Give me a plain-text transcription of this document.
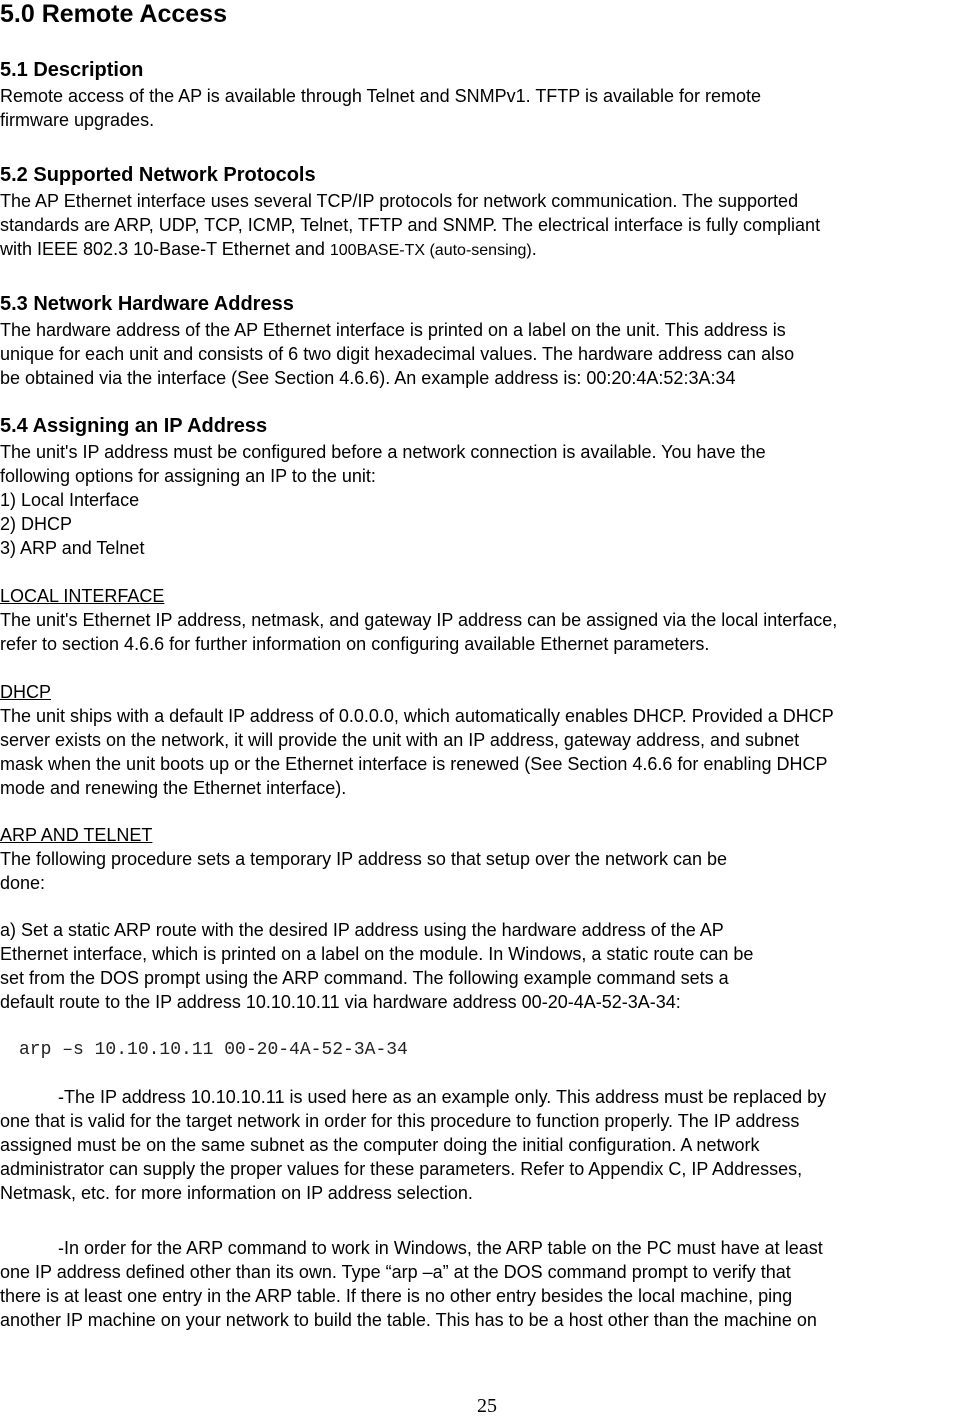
5.0 Remote Access
5.1 Description
Remote access of the AP is available through Telnet and SNMPv1. TFTP is available for remote
firmware upgrades.
5.2 Supported Network Protocols
The AP Ethernet interface uses several TCP/IP protocols for network communication. The supported
standards are ARP, UDP, TCP, ICMP, Telnet, TFTP and SNMP. The electrical interface is fully compliant
with IEEE 802.3 10-Base-T Ethernet and 100BASE-TX (auto-sensing).
5.3 Network Hardware Address
The hardware address of the AP Ethernet interface is printed on a label on the unit. This address is
unique for each unit and consists of 6 two digit hexadecimal values. The hardware address can also
be obtained via the interface (See Section 4.6.6). An example address is: 00:20:4A:52:3A:34
5.4 Assigning an IP Address
The unit's IP address must be configured before a network connection is available. You have the
following options for assigning an IP to the unit:
1) Local Interface
2) DHCP
3) ARP and Telnet
LOCAL INTERFACE
The unit's Ethernet IP address, netmask, and gateway IP address can be assigned via the local interface,
refer to section 4.6.6 for further information on configuring available Ethernet parameters.
DHCP
The unit ships with a default IP address of 0.0.0.0, which automatically enables DHCP. Provided a DHCP
server exists on the network, it will provide the unit with an IP address, gateway address, and subnet
mask when the unit boots up or the Ethernet interface is renewed (See Section 4.6.6 for enabling DHCP
mode and renewing the Ethernet interface).
ARP AND TELNET
The following procedure sets a temporary IP address so that setup over the network can be
done:
a) Set a static ARP route with the desired IP address using the hardware address of the AP
Ethernet interface, which is printed on a label on the module. In Windows, a static route can be
set from the DOS prompt using the ARP command. The following example command sets a
default route to the IP address 10.10.10.11 via hardware address 00-20-4A-52-3A-34:
arp –s 10.10.10.11 00-20-4A-52-3A-34
-The IP address 10.10.10.11 is used here as an example only. This address must be replaced by
one that is valid for the target network in order for this procedure to function properly. The IP address
assigned must be on the same subnet as the computer doing the initial configuration. A network
administrator can supply the proper values for these parameters. Refer to Appendix C, IP Addresses,
Netmask, etc. for more information on IP address selection.
-In order for the ARP command to work in Windows, the ARP table on the PC must have at least
one IP address defined other than its own. Type “arp –a” at the DOS command prompt to verify that
there is at least one entry in the ARP table. If there is no other entry besides the local machine, ping
another IP machine on your network to build the table. This has to be a host other than the machine on
25
